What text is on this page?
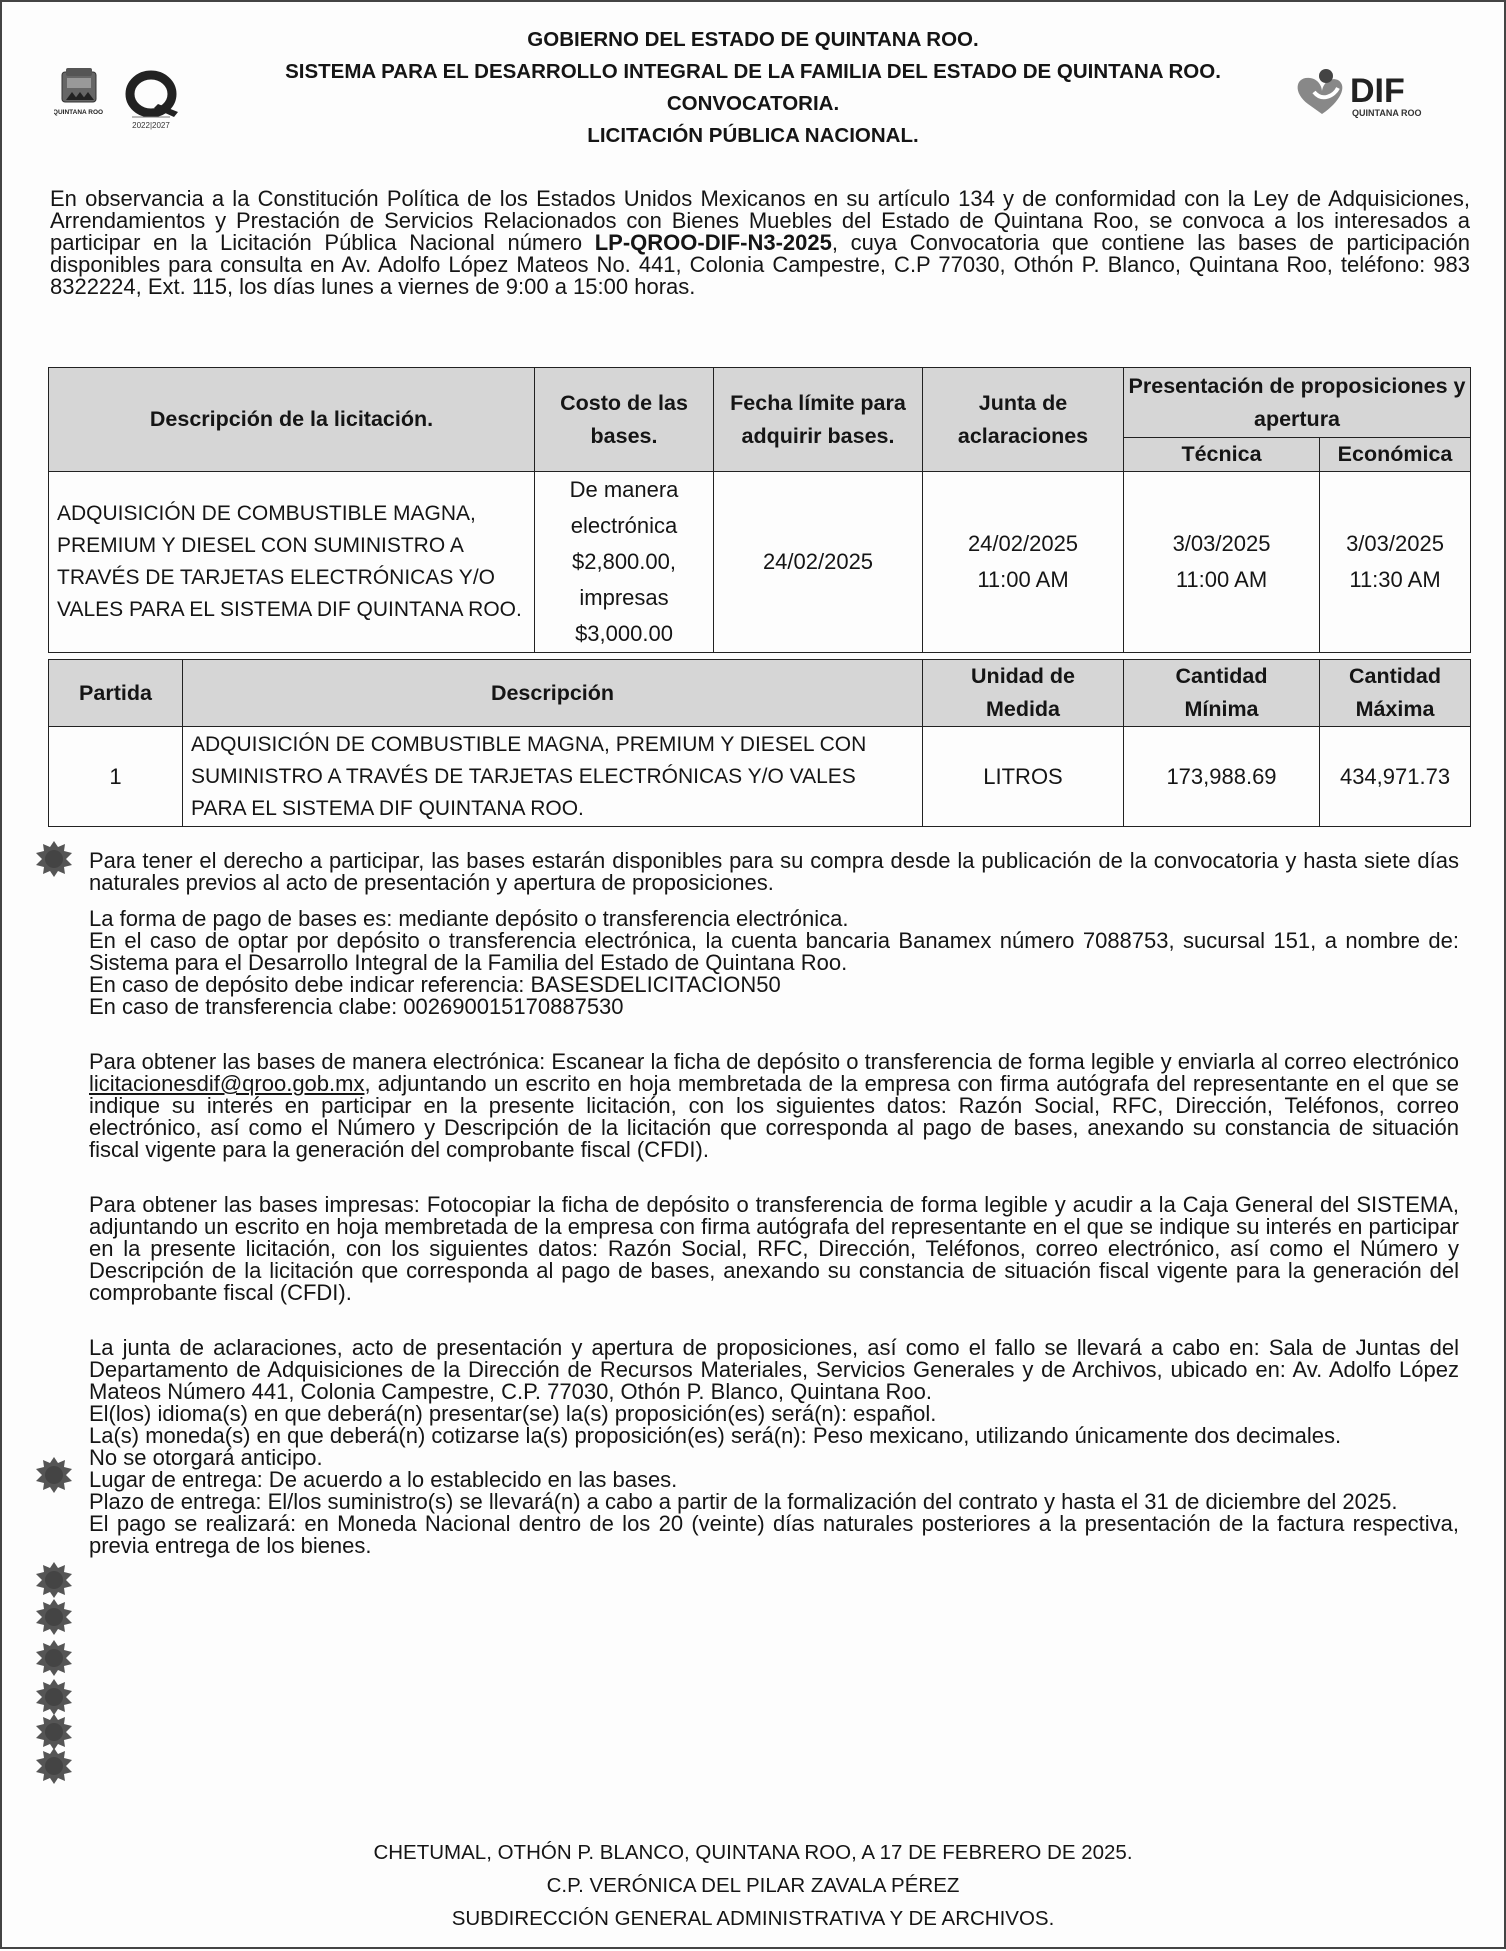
QUINTANA ROO
2022|2027
GOBIERNO DEL ESTADO DE QUINTANA ROO.
SISTEMA PARA EL DESARROLLO INTEGRAL DE LA FAMILIA DEL ESTADO DE QUINTANA ROO.
CONVOCATORIA.
LICITACIÓN PÚBLICA NACIONAL.
DIF
QUINTANA ROO
En observancia a la Constitución Política de los Estados Unidos Mexicanos en su artículo 134 y de conformidad con la Ley de Adquisiciones, Arrendamientos y Prestación de Servicios Relacionados con Bienes Muebles del Estado de Quintana Roo, se convoca a los interesados a participar en la Licitación Pública Nacional número LP-QROO-DIF-N3-2025, cuya Convocatoria que contiene las bases de participación disponibles para consulta en Av. Adolfo López Mateos No. 441, Colonia Campestre, C.P 77030, Othón P. Blanco, Quintana Roo, teléfono: 983 8322224, Ext. 115, los días lunes a viernes de 9:00 a 15:00 horas.
Descripción de la licitación.		Costo de las bases.	Fecha límite para adquirir bases.	Junta de aclaraciones	Presentación de proposiciones y apertura	
					Técnica	Económica
ADQUISICIÓN DE COMBUSTIBLE MAGNA, PREMIUM Y DIESEL CON SUMINISTRO A TRAVÉS DE TARJETAS ELECTRÓNICAS Y/O VALES PARA EL SISTEMA DIF QUINTANA ROO.		De manera electrónica $2,800.00, impresas $3,000.00	24/02/2025	24/02/2025 11:00 AM	3/03/2025 11:00 AM	3/03/2025 11:30 AM

Partida	Descripción			Unidad de Medida	Cantidad Mínima	Cantidad Máxima
1	ADQUISICIÓN DE COMBUSTIBLE MAGNA, PREMIUM Y DIESEL CON SUMINISTRO A TRAVÉS DE TARJETAS ELECTRÓNICAS Y/O VALES PARA EL SISTEMA DIF QUINTANA ROO.			LITROS	173,988.69	434,971.73

Para tener el derecho a participar, las bases estarán disponibles para su compra desde la publicación de la convocatoria y hasta siete días naturales previos al acto de presentación y apertura de proposiciones.

La forma de pago de bases es: mediante depósito o transferencia electrónica.

En el caso de optar por depósito o transferencia electrónica, la cuenta bancaria Banamex número 7088753, sucursal 151, a nombre de: Sistema para el Desarrollo Integral de la Familia del Estado de Quintana Roo.

En caso de depósito debe indicar referencia: BASESDELICITACION50

En caso de transferencia clabe: 002690015170887530

Para obtener las bases de manera electrónica: Escanear la ficha de depósito o transferencia de forma legible y enviarla al correo electrónico licitacionesdif@qroo.gob.mx, adjuntando un escrito en hoja membretada de la empresa con firma autógrafa del representante en el que se indique su interés en participar en la presente licitación, con los siguientes datos: Razón Social, RFC, Dirección, Teléfonos, correo electrónico, así como el Número y Descripción de la licitación que corresponda al pago de bases, anexando su constancia de situación fiscal vigente para la generación del comprobante fiscal (CFDI).

Para obtener las bases impresas: Fotocopiar la ficha de depósito o transferencia de forma legible y acudir a la Caja General del SISTEMA, adjuntando un escrito en hoja membretada de la empresa con firma autógrafa del representante en el que se indique su interés en participar en la presente licitación, con los siguientes datos: Razón Social, RFC, Dirección, Teléfonos, correo electrónico, así como el Número y Descripción de la licitación que corresponda al pago de bases, anexando su constancia de situación fiscal vigente para la generación del comprobante fiscal (CFDI).

La junta de aclaraciones, acto de presentación y apertura de proposiciones, así como el fallo se llevará a cabo en: Sala de Juntas del Departamento de Adquisiciones de la Dirección de Recursos Materiales, Servicios Generales y de Archivos, ubicado en: Av. Adolfo López Mateos Número 441, Colonia Campestre, C.P. 77030, Othón P. Blanco, Quintana Roo.

El(los) idioma(s) en que deberá(n) presentar(se) la(s) proposición(es) será(n): español.

La(s) moneda(s) en que deberá(n) cotizarse la(s) proposición(es) será(n): Peso mexicano, utilizando únicamente dos decimales.

No se otorgará anticipo.

Lugar de entrega: De acuerdo a lo establecido en las bases.

Plazo de entrega: El/los suministro(s) se llevará(n) a cabo a partir de la formalización del contrato y hasta el 31 de diciembre del 2025.

El pago se realizará: en Moneda Nacional dentro de los 20 (veinte) días naturales posteriores a la presentación de la factura respectiva, previa entrega de los bienes.

CHETUMAL, OTHÓN P. BLANCO, QUINTANA ROO, A 17 DE FEBRERO DE 2025.
C.P. VERÓNICA DEL PILAR ZAVALA PÉREZ
SUBDIRECCIÓN GENERAL ADMINISTRATIVA Y DE ARCHIVOS.
